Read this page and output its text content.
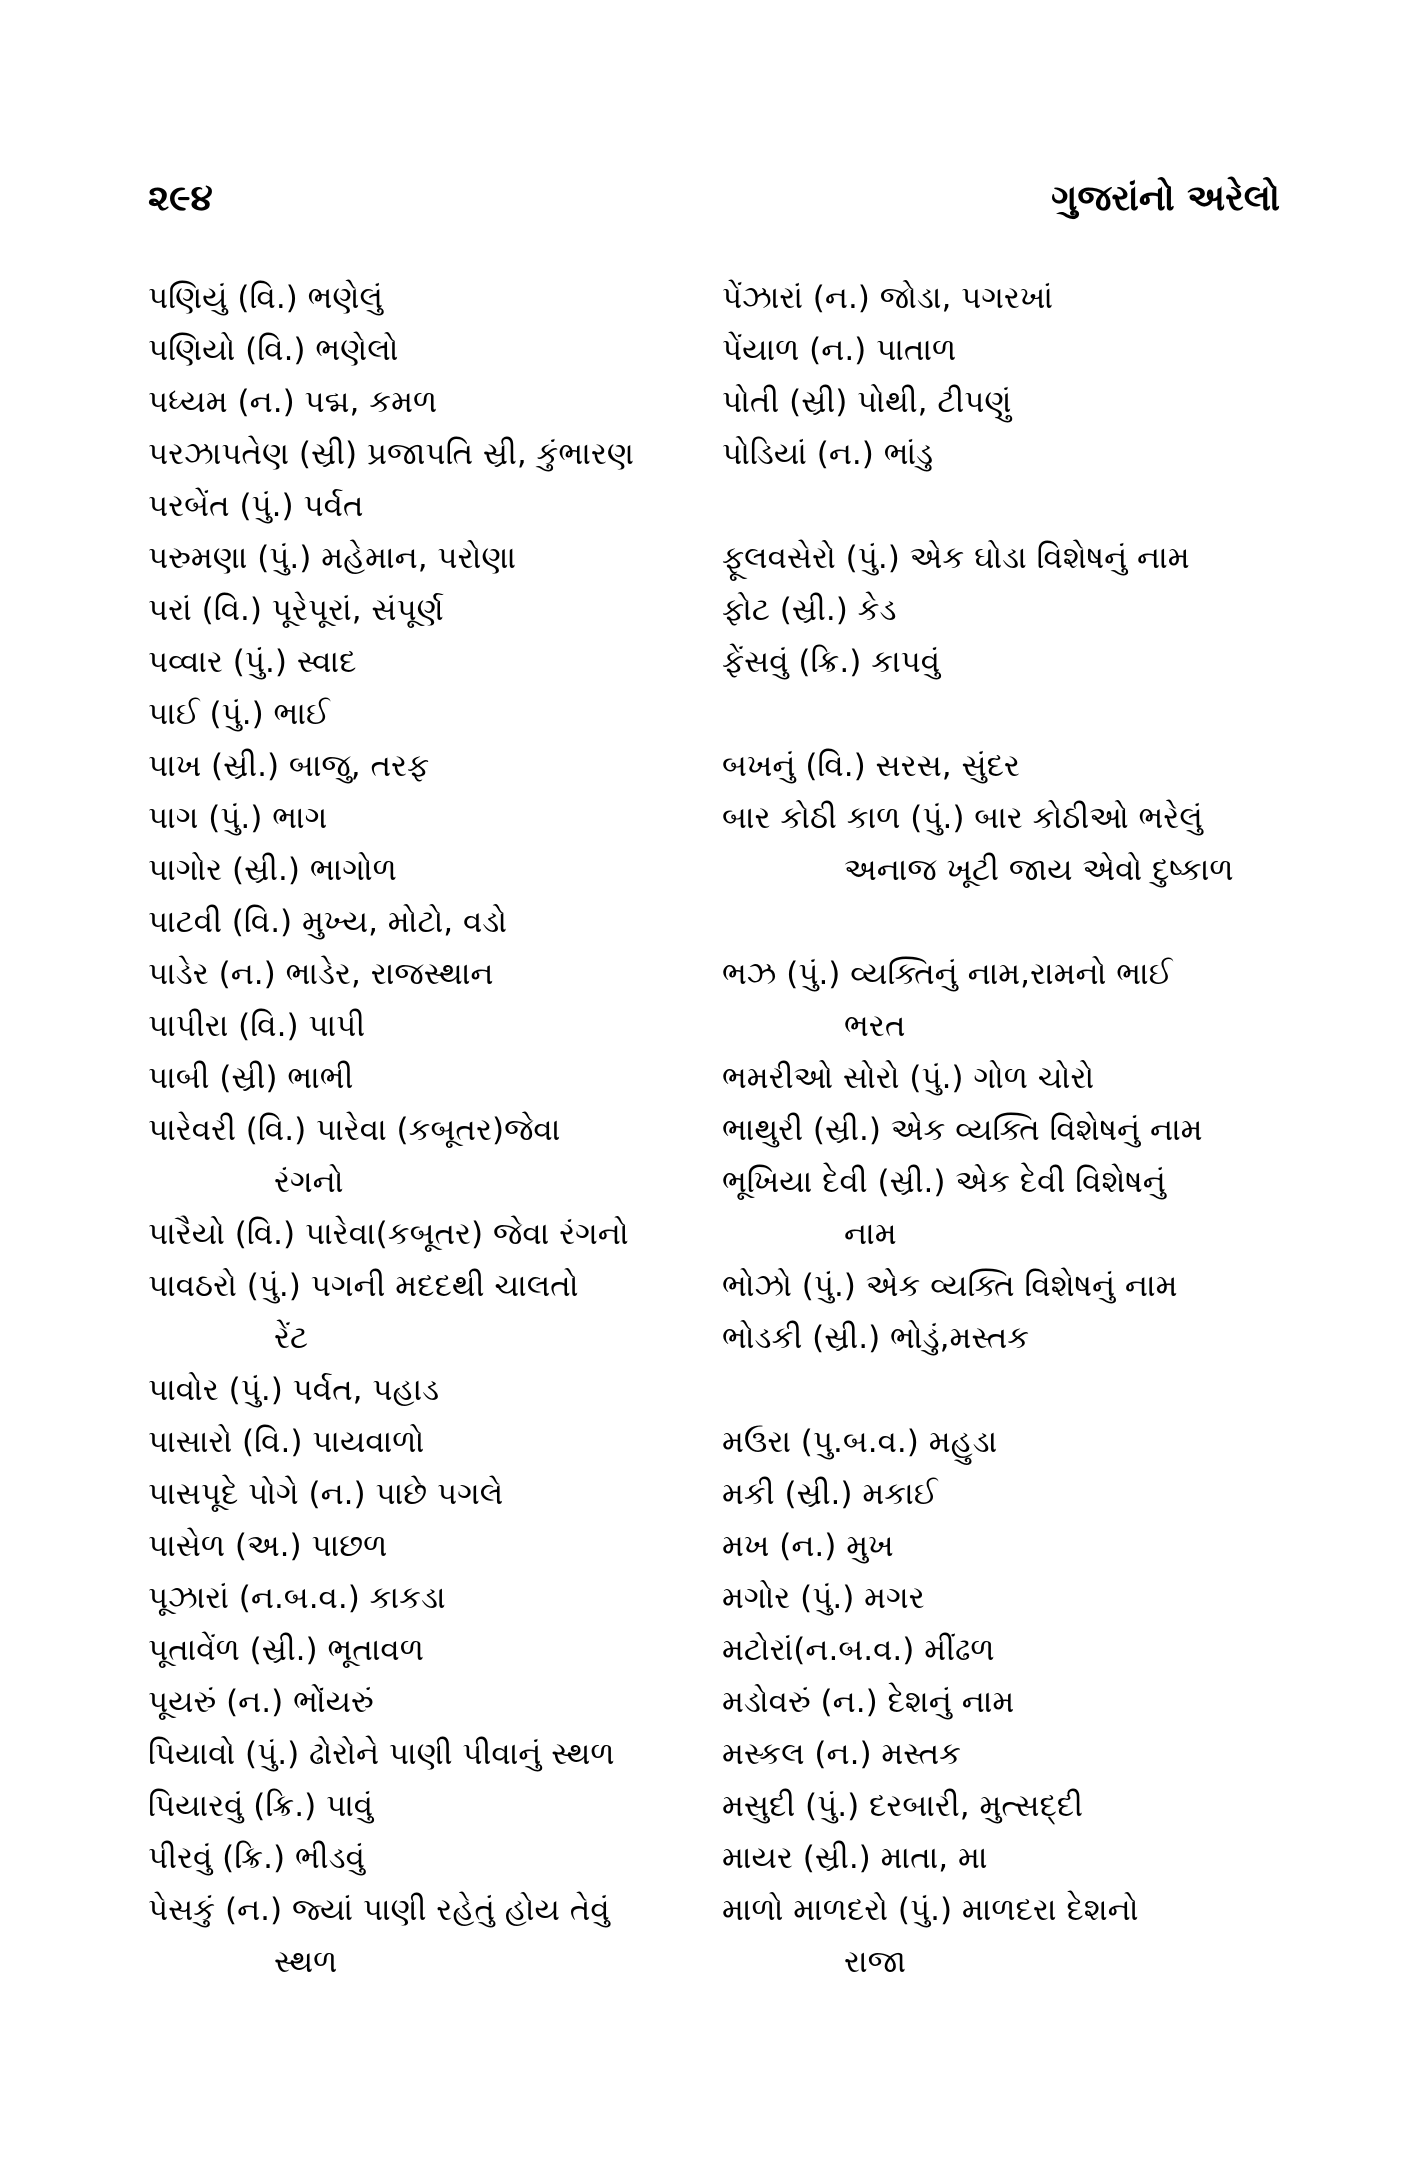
૨૯૪	ગુજરાંનો અરેલો
પણિયું (વિ.) ભણેલું
પણિયો (વિ.) ભણેલો
પધ્યમ (ન.) પદ્મ, કમળ
પરઝાપતેણ (સ્રી) પ્રજાપતિ સ્રી, કુંભારણ
પરબેંત (પું.) પર્વત
પરુમણા (પું.) મહેમાન, પરોણા
પરાં (વિ.) પૂરેપૂરાં, સંપૂર્ણ
પવ્વાર (પું.) સ્વાદ
પાઈ (પું.) ભાઈ
પાખ (સ્રી.) બાજુ, તરફ
પાગ (પું.) ભાગ
પાગોર (સ્રી.) ભાગોળ
પાટવી (વિ.) મુખ્ય, મોટો, વડો
પાડેર (ન.) ભાડેર, રાજસ્થાન
પાપીરા (વિ.) પાપી
પાબી (સ્રી) ભાભી
પારેવરી (વિ.) પારેવા (કબૂતર)જેવા
રંગનો
પારૈયો (વિ.) પારેવા(કબૂતર) જેવા રંગનો
પાવઠરો (પું.) પગની મદદથી ચાલતો
રેંટ
પાવોર (પું.) પર્વત, પહાડ
પાસારો (વિ.) પાયવાળો
પાસપૂદે પોગે (ન.) પાછે પગલે
પાસેળ (અ.) પાછળ
પૂઝારાં (ન.બ.વ.) કાકડા
પૂતાવેંળ (સ્રી.) ભૂતાવળ
પૂયરું (ન.) ભોંયરું
પિયાવો (પું.) ઢોરોને પાણી પીવાનું સ્થળ
પિયારવું (ક્રિ.) પાવું
પીરવું (ક્રિ.) ભીડવું
પેસકું (ન.) જ્યાં પાણી રહેતું હોય તેવું
સ્થળ
પેંઝારાં (ન.) જોડા, પગરખાં
પેંયાળ (ન.) પાતાળ
પોતી (સ્રી) પોથી, ટીપણું
પોડિયાં (ન.) ભાંડુ
ફૂલવસેરો (પું.) એક ઘોડા વિશેષનું નામ
ફોટ (સ્રી.) કેડ
ફેંસવું (ક્રિ.) કાપવું
બખનું (વિ.) સરસ, સુંદર
બાર કોઠી કાળ (પું.) બાર કોઠીઓ ભરેલું
અનાજ ખૂટી જાય એવો દુષ્કાળ
ભઝ (પું.) વ્યક્તિનું નામ,રામનો ભાઈ
ભરત
ભમરીઓ સોરો (પું.) ગોળ ચોરો
ભાથુરી (સ્રી.) એક વ્યક્તિ વિશેષનું નામ
ભૂખિયા દેવી (સ્રી.) એક દેવી વિશેષનું
નામ
ભોઝો (પું.) એક વ્યક્તિ વિશેષનું નામ
ભોડકી (સ્રી.) ભોડું,મસ્તક
મઉરા (પુ.બ.વ.) મહુડા
મકી (સ્રી.) મકાઈ
મખ (ન.) મુખ
મગોર (પું.) મગર
મટોરાં(ન.બ.વ.) મીંઢળ
મડોવરું (ન.) દેશનું નામ
મસ્કલ (ન.) મસ્તક
મસુદી (પું.) દરબારી, મુત્સદ્દી
માયર (સ્રી.) માતા, મા
માળો માળદરો (પું.) માળદરા દેશનો
રાજા
